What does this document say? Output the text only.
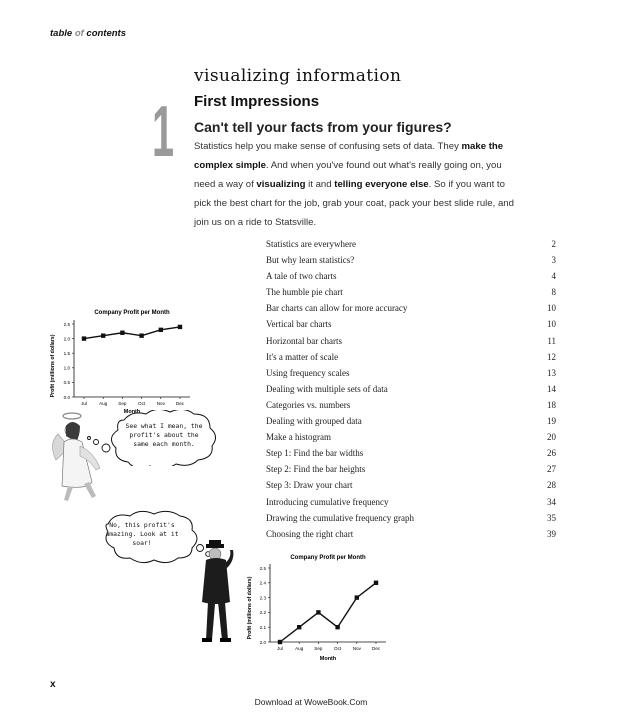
table of contents
1
visualizing information
First Impressions
Can't tell your facts from your figures?
Statistics help you make sense of confusing sets of data. They make the complex simple. And when you've found out what's really going on, you need a way of visualizing it and telling everyone else. So if you want to pick the best chart for the job, grab your coat, pack your best slide rule, and join us on a ride to Statsville.
Statistics are everywhere	2
But why learn statistics?	3
A tale of two charts	4
The humble pie chart	8
Bar charts can allow for more accuracy	10
Vertical bar charts	10
Horizontal bar charts	11
It's a matter of scale	12
Using frequency scales	13
Dealing with multiple sets of data	14
Categories vs. numbers	18
Dealing with grouped data	19
Make a histogram	20
Step 1: Find the bar widths	26
Step 2: Find the bar heights	27
Step 3: Draw your chart	28
Introducing cumulative frequency	34
Drawing the cumulative frequency graph	35
Choosing the right chart	39
Company Profit per Month
Profit (millions of dollars)
Month
0.0
0.5
1.0
1.5
2.0
2.5
Jul	Aug Sep	Oct	Nov Dec
Company Profit per Month
Profit (millions of dollars)
Month
2.0
2.1
2.2
2.3
2.4
2.5
Jul	Aug Sep	Oct	Nov Dec
See what I mean, the profit's about the same each month.
No, this profit's amazing. Look at it soar!
x
Download at WoweBook.Com
